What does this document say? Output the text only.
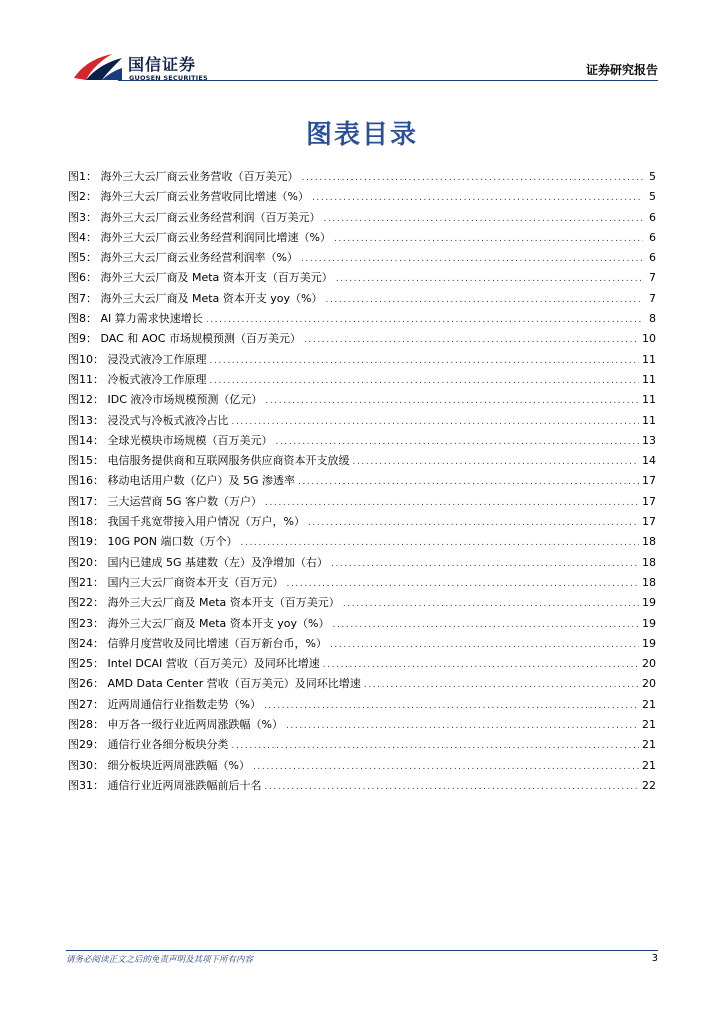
国信证券
GUOSEN SECURITIES
证券研究报告
图表目录
图1： 海外三大云厂商云业务营收（百万美元） .....	5
图2： 海外三大云厂商云业务营收同比增速（%） .....	5
图3： 海外三大云厂商云业务经营利润（百万美元） .....	6
图4： 海外三大云厂商云业务经营利润同比增速（%） .....	6
图5： 海外三大云厂商云业务经营利润率（%） .....	6
图6： 海外三大云厂商及 Meta 资本开支（百万美元） .....	7
图7： 海外三大云厂商及 Meta 资本开支 yoy（%） .....	7
图8： AI 算力需求快速增长 .....	8
图9： DAC 和 AOC 市场规模预测（百万美元） .....	10
图10： 浸没式液冷工作原理 .....	11
图11： 冷板式液冷工作原理 .....	11
图12： IDC 液冷市场规模预测（亿元） .....	11
图13： 浸没式与冷板式液冷占比 .....	11
图14： 全球光模块市场规模（百万美元） .....	13
图15： 电信服务提供商和互联网服务供应商资本开支放缓 .....	14
图16： 移动电话用户数（亿户）及 5G 渗透率 .....	17
图17： 三大运营商 5G 客户数（万户） .....	17
图18： 我国千兆宽带接入用户情况（万户，%） .....	17
图19： 10G PON 端口数（万个） .....	18
图20： 国内已建成 5G 基建数（左）及净增加（右） .....	18
图21： 国内三大云厂商资本开支（百万元） .....	18
图22： 海外三大云厂商及 Meta 资本开支（百万美元） .....	19
图23： 海外三大云厂商及 Meta 资本开支 yoy（%） .....	19
图24： 信骅月度营收及同比增速（百万新台币，%） .....	19
图25： Intel DCAI 营收（百万美元）及同环比增速 .....	20
图26： AMD Data Center 营收（百万美元）及同环比增速 .....	20
图27： 近两周通信行业指数走势（%） .....	21
图28： 申万各一级行业近两周涨跌幅（%） .....	21
图29： 通信行业各细分板块分类 .....	21
图30： 细分板块近两周涨跌幅（%） .....	21
图31： 通信行业近两周涨跌幅前后十名 .....	22
请务必阅读正文之后的免责声明及其项下所有内容	3
